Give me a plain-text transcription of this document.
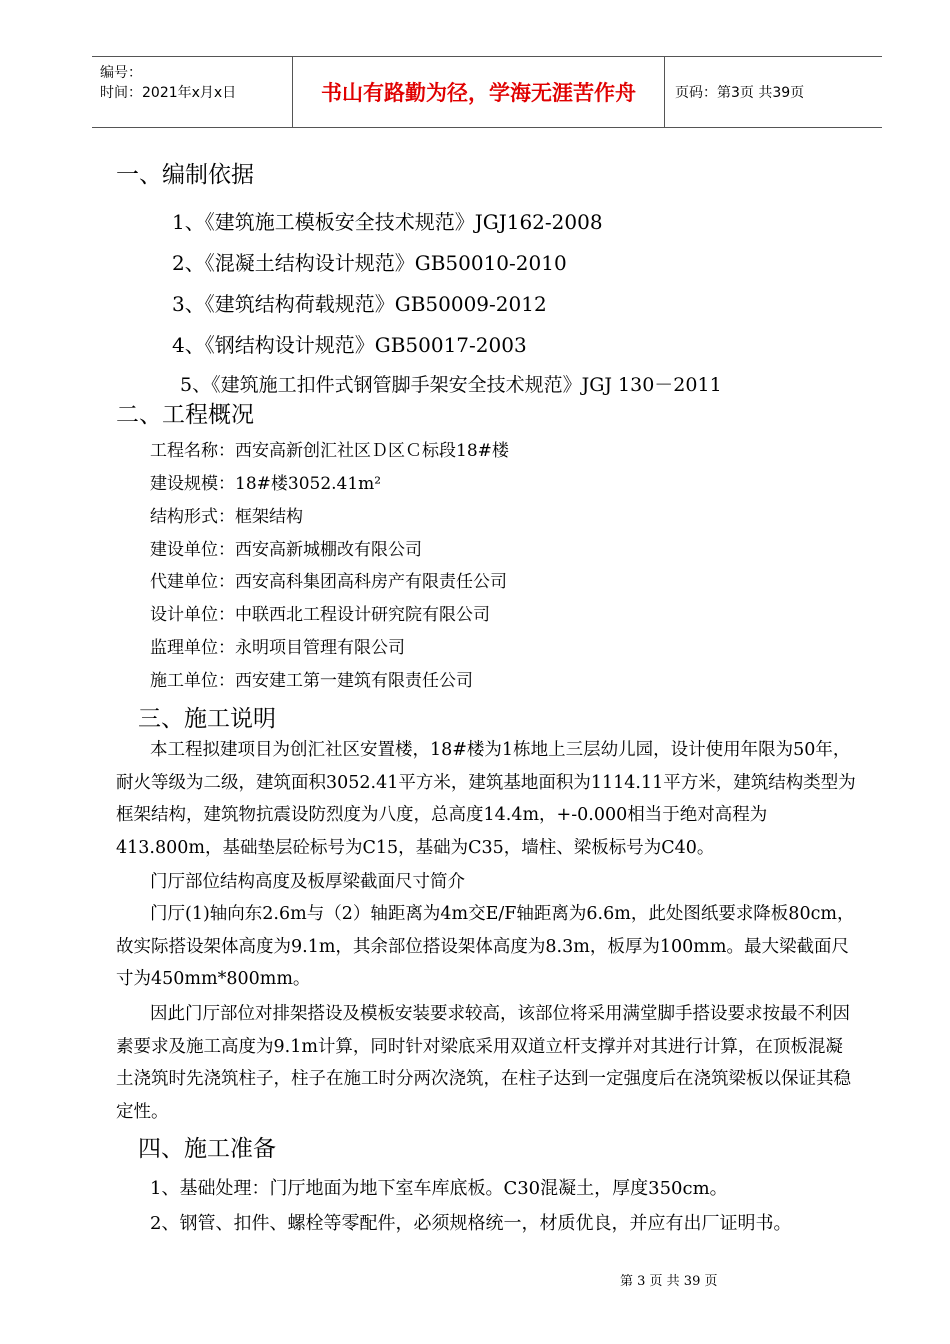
编号：
时间：2021年x月x日	书山有路勤为径，学海无涯苦作舟	页码：第3页 共39页
一、编制依据
1、《建筑施工模板安全技术规范》JGJ162-2008
2、《混凝土结构设计规范》GB50010-2010
3、《建筑结构荷载规范》GB50009-2012
4、《钢结构设计规范》GB50017-2003
5、《建筑施工扣件式钢管脚手架安全技术规范》JGJ 130－2011
二、工程概况
工程名称：西安高新创汇社区Ｄ区Ｃ标段18#楼
建设规模：18#楼3052.41m²
结构形式：框架结构
建设单位：西安高新城棚改有限公司
代建单位：西安高科集团高科房产有限责任公司
设计单位：中联西北工程设计研究院有限公司
监理单位：永明项目管理有限公司
施工单位：西安建工第一建筑有限责任公司
三、施工说明
本工程拟建项目为创汇社区安置楼，18#楼为1栋地上三层幼儿园，设计使用年限为50年，耐火等级为二级，建筑面积3052.41平方米，建筑基地面积为1114.11平方米，建筑结构类型为框架结构，建筑物抗震设防烈度为八度，总高度14.4m，+-0.000相当于绝对高程为413.800m，基础垫层砼标号为C15，基础为C35，墙柱、梁板标号为C40。
门厅部位结构高度及板厚梁截面尺寸简介
门厅(1)轴向东2.6m与（2）轴距离为4m交E/F轴距离为6.6m，此处图纸要求降板80cm，故实际搭设架体高度为9.1m，其余部位搭设架体高度为8.3m，板厚为100mm。最大梁截面尺寸为450mm*800mm。
因此门厅部位对排架搭设及模板安装要求较高，该部位将采用满堂脚手搭设要求按最不利因素要求及施工高度为9.1m计算，同时针对梁底采用双道立杆支撑并对其进行计算，在顶板混凝土浇筑时先浇筑柱子，柱子在施工时分两次浇筑，在柱子达到一定强度后在浇筑梁板以保证其稳定性。
四、施工准备
1、基础处理：门厅地面为地下室车库底板。C30混凝土，厚度350cm。
2、钢管、扣件、螺栓等零配件，必须规格统一，材质优良，并应有出厂证明书。
第 3 页 共 39 页
